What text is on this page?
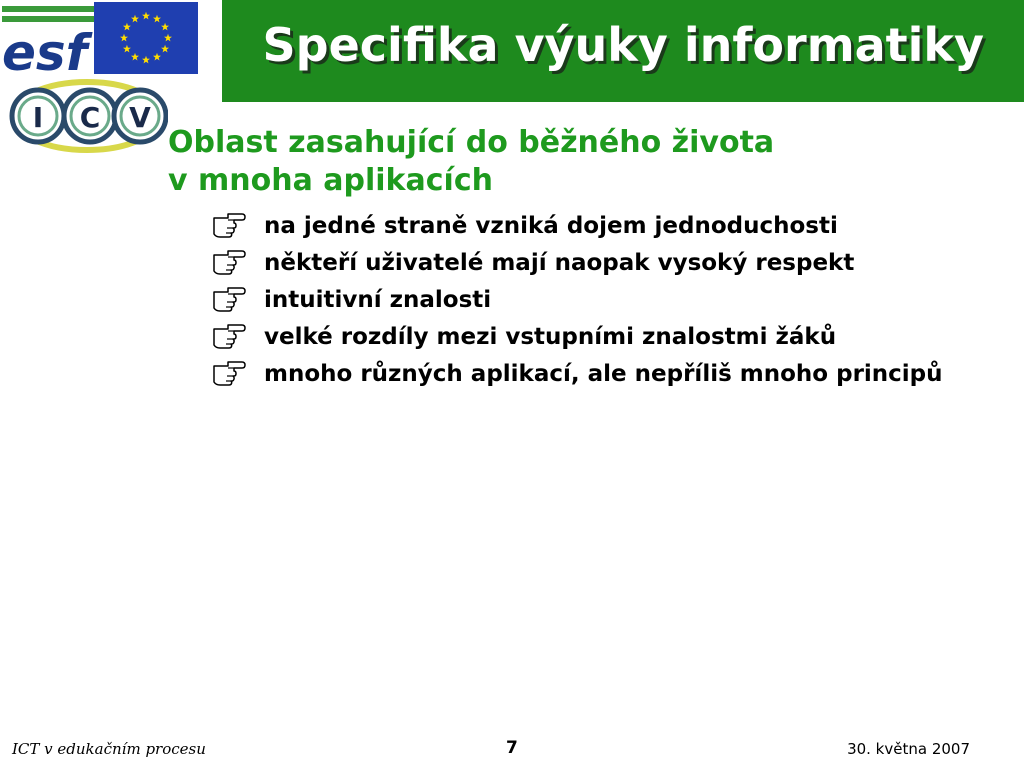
esf
I C V
Specifika výuky informatiky
Oblast zasahující do běžného života
v mnoha aplikacích
na jedné straně vzniká dojem jednoduchosti
někteří uživatelé mají naopak vysoký respekt
intuitivní znalosti
velké rozdíly mezi vstupními znalostmi žáků
mnoho různých aplikací, ale nepříliš mnoho principů
ICT v edukačním procesu	7	30. května 2007
